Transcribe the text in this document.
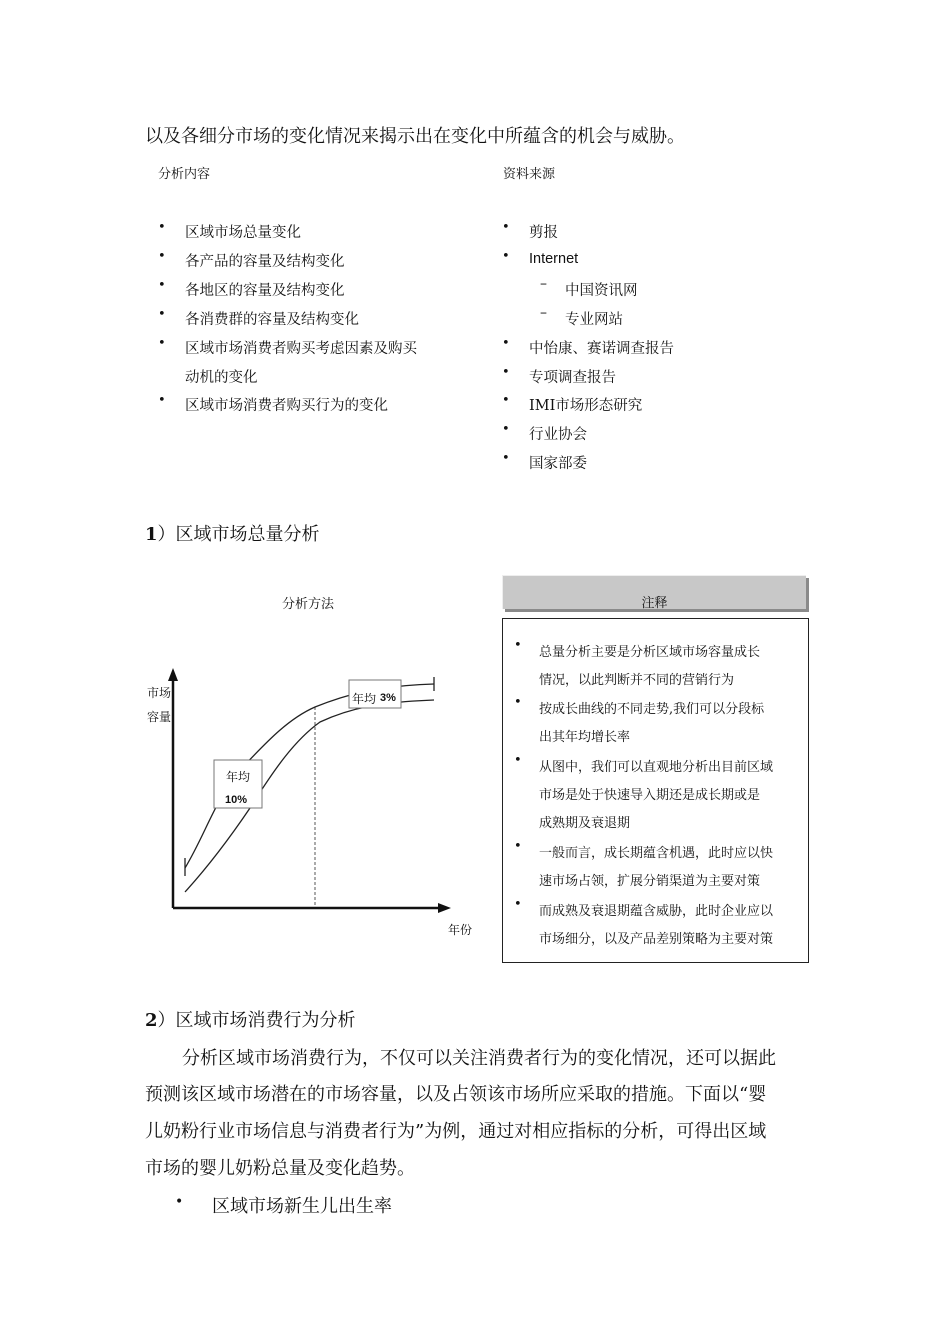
以及各细分市场的变化情况来揭示出在变化中所蕴含的机会与威胁。
分析内容
• 区域市场总量变化
• 各产品的容量及结构变化
• 各地区的容量及结构变化
• 各消费群的容量及结构变化
• 区域市场消费者购买考虑因素及购买
动机的变化
• 区域市场消费者购买行为的变化
资料来源
• 剪报
• Internet
– 中国资讯网
– 专业网站
• 中怡康、赛诺调查报告
• 专项调查报告
• IMI市场形态研究
• 行业协会
• 国家部委
1）区域市场总量分析
分析方法
市场
容量
年份
年均
10%
年均 3%
注释
• 总量分析主要是分析区域市场容量成长
情况，以此判断并不同的营销行为
• 按成长曲线的不同走势,我们可以分段标
出其年均增长率
• 从图中，我们可以直观地分析出目前区域
市场是处于快速导入期还是成长期或是
成熟期及衰退期
• 一般而言，成长期蕴含机遇，此时应以快
速市场占领，扩展分销渠道为主要对策
• 而成熟及衰退期蕴含威胁，此时企业应以
市场细分，以及产品差别策略为主要对策
2）区域市场消费行为分析
分析区域市场消费行为，不仅可以关注消费者行为的变化情况，还可以据此
预测该区域市场潜在的市场容量，以及占领该市场所应采取的措施。下面以“婴
儿奶粉行业市场信息与消费者行为”为例，通过对相应指标的分析，可得出区域
市场的婴儿奶粉总量及变化趋势。
• 区域市场新生儿出生率
